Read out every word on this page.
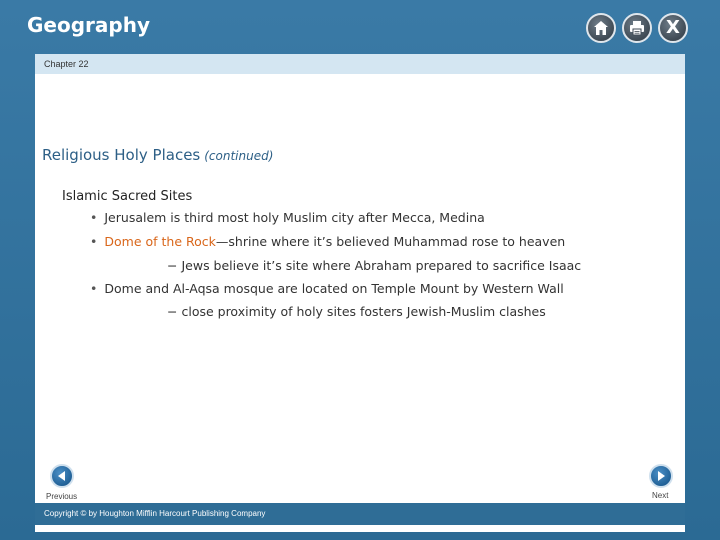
Geography	X
Chapter 22
Religious Holy Places (continued)
Islamic Sacred Sites
• Jerusalem is third most holy Muslim city after Mecca, Medina
• Dome of the Rock—shrine where it’s believed Muhammad rose to heaven
− Jews believe it’s site where Abraham prepared to sacrifice Isaac
• Dome and Al-Aqsa mosque are located on Temple Mount by Western Wall
− close proximity of holy sites fosters Jewish-Muslim clashes
Previous	Next
Copyright © by Houghton Mifflin Harcourt Publishing Company
